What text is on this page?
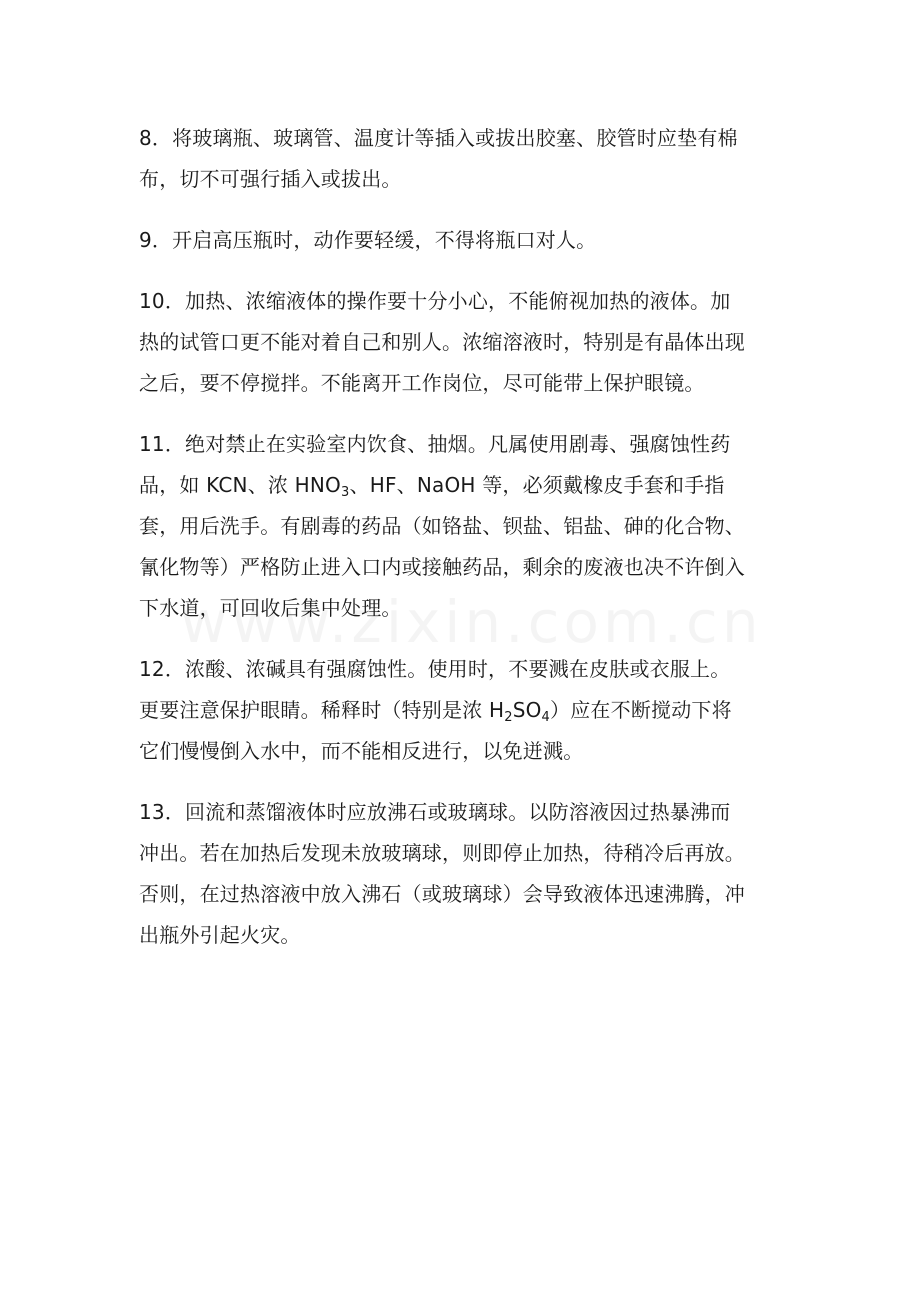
8．将玻璃瓶、玻璃管、温度计等插入或拔出胶塞、胶管时应垫有棉
布，切不可强行插入或拔出。

9．开启高压瓶时，动作要轻缓，不得将瓶口对人。

10．加热、浓缩液体的操作要十分小心，不能俯视加热的液体。加
热的试管口更不能对着自己和别人。浓缩溶液时，特别是有晶体出现
之后，要不停搅拌。不能离开工作岗位，尽可能带上保护眼镜。

11．绝对禁止在实验室内饮食、抽烟。凡属使用剧毒、强腐蚀性药
品，如 KCN、浓 $HNO_3$、HF、NaOH 等，必须戴橡皮手套和手指
套，用后洗手。有剧毒的药品（如铬盐、钡盐、铝盐、砷的化合物、
氰化物等）严格防止进入口内或接触药品，剩余的废液也决不许倒入
下水道，可回收后集中处理。

12．浓酸、浓碱具有强腐蚀性。使用时，不要溅在皮肤或衣服上。
更要注意保护眼睛。稀释时（特别是浓 $H_2SO_4$）应在不断搅动下将
它们慢慢倒入水中，而不能相反进行，以免迸溅。

13．回流和蒸馏液体时应放沸石或玻璃球。以防溶液因过热暴沸而
冲出。若在加热后发现未放玻璃球，则即停止加热，待稍冷后再放。
否则，在过热溶液中放入沸石（或玻璃球）会导致液体迅速沸腾，冲
出瓶外引起火灾。
